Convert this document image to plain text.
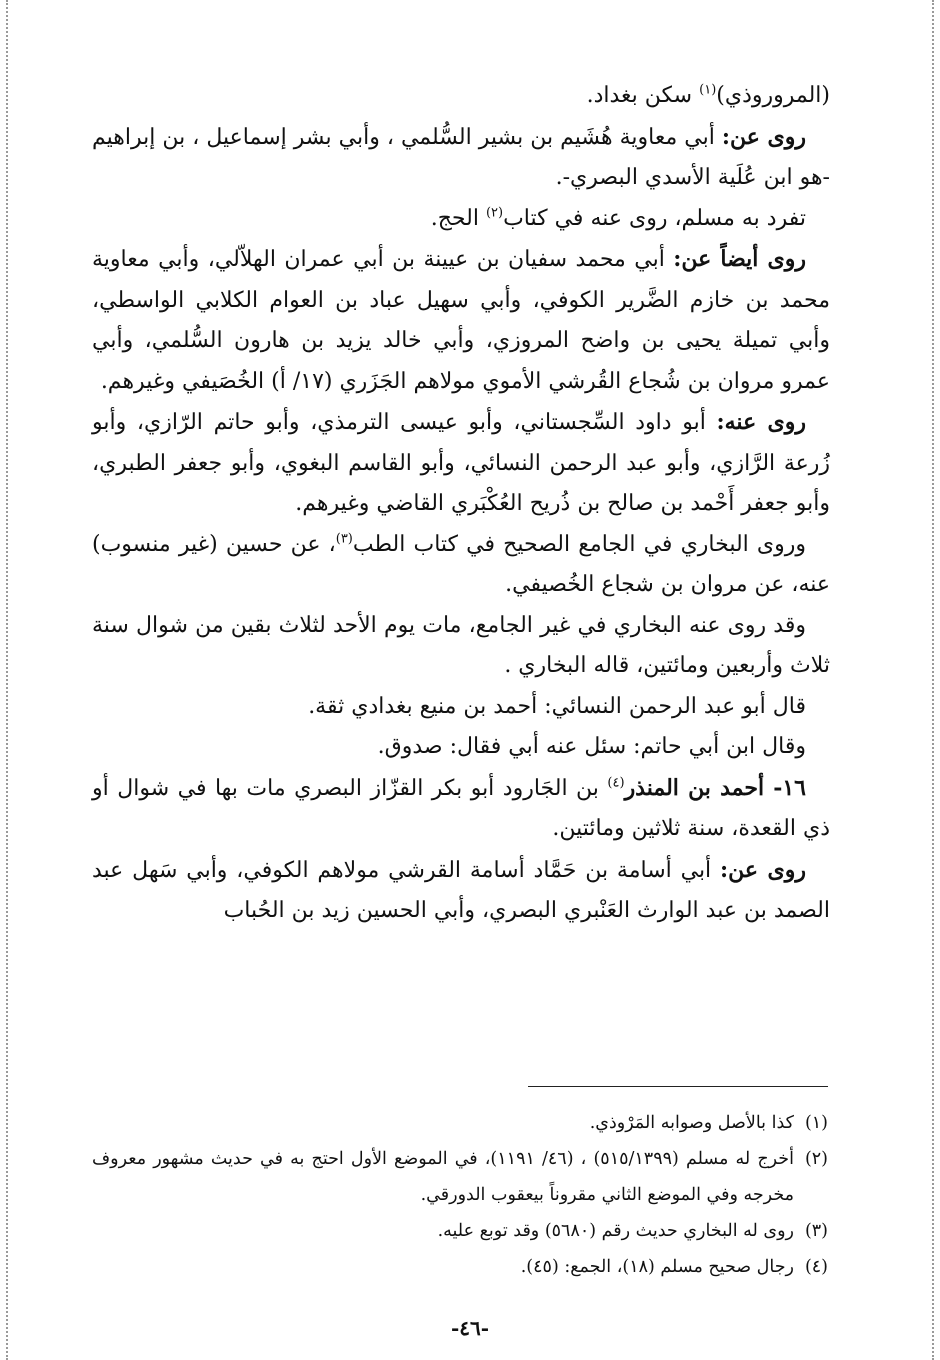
(المروروذي)$^{(١)}$ سكن بغداد.

روى عن: أبي معاوية هُشَيم بن بشير السُّلمي ، وأبي بشر إسماعيل ، بن إبراهيم -هو ابن عُلَية الأسدي البصري-.

تفرد به مسلم، روى عنه في كتاب$^{(٢)}$ الحج.

روى أيضاً عن: أبي محمد سفيان بن عيينة بن أبي عمران الهلاّلي، وأبي معاوية محمد بن خازم الضَّرير الكوفي، وأبي سهيل عباد بن العوام الكلابي الواسطي، وأبي تميلة يحيى بن واضح المروزي، وأبي خالد يزيد بن هارون السُّلمي، وأبي عمرو مروان بن شُجاع القُرشي الأموي مولاهم الجَزَري (١٧/ أ) الخُصَيفي وغيرهم.

روى عنه: أبو داود السِّجستاني، وأبو عيسى الترمذي، وأبو حاتم الرّازي، وأبو زُرعة الرَّازي، وأبو عبد الرحمن النسائي، وأبو القاسم البغوي، وأبو جعفر الطبري، وأبو جعفر أَحْمد بن صالح بن ذُريح العُكْبَري القاضي وغيرهم.

وروى البخاري في الجامع الصحيح في كتاب الطب$^{(٣)}$، عن حسين (غير منسوب) عنه، عن مروان بن شجاع الخُصيفي.

وقد روى عنه البخاري في غير الجامع، مات يوم الأحد لثلاث بقين من شوال سنة ثلاث وأربعين ومائتين، قاله البخاري .

قال أبو عبد الرحمن النسائي: أحمد بن منيع بغدادي ثقة.

وقال ابن أبي حاتم: سئل عنه أبي فقال: صدوق.

١٦- أحمد بن المنذر$^{(٤)}$ بن الجَارود أبو بكر القزّاز البصري مات بها في شوال أو ذي القعدة، سنة ثلاثين ومائتين.

روى عن: أبي أسامة بن حَمَّاد أسامة القرشي مولاهم الكوفي، وأبي سَهل عبد الصمد بن عبد الوارث العَنْبري البصري، وأبي الحسين زيد بن الحُباب

(١)
كذا بالأصل وصوابه المَرْوذي.

(٢)
أخرج له مسلم (٥١٥/١٣٩٩) ، (٤٦/ ١١٩١)، في الموضع الأول احتج به في حديث مشهور معروف مخرجه وفي الموضع الثاني مقروناً بيعقوب الدورقي.

(٣)
روى له البخاري حديث رقم (٥٦٨٠) وقد توبع عليه.

(٤)
رجال صحيح مسلم (١٨)، الجمع: (٤٥).

-٤٦-
